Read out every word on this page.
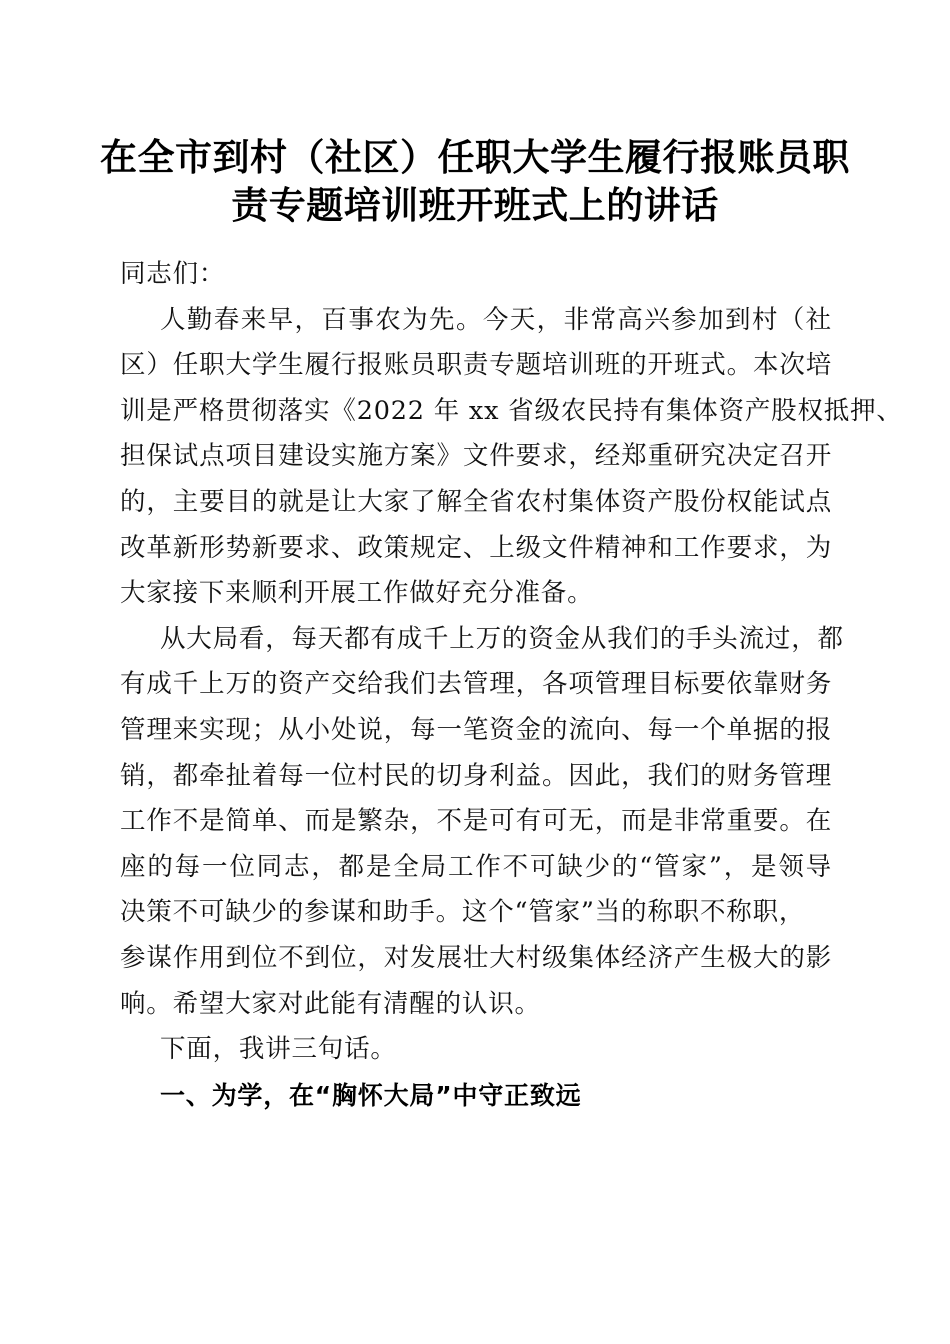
在全市到村（社区）任职大学生履行报账员职
责专题培训班开班式上的讲话
同志们：
人勤春来早，百事农为先。今天，非常高兴参加到村（社
区）任职大学生履行报账员职责专题培训班的开班式。本次培
训是严格贯彻落实《2022 年 xx 省级农民持有集体资产股权抵押、
担保试点项目建设实施方案》文件要求，经郑重研究决定召开
的，主要目的就是让大家了解全省农村集体资产股份权能试点
改革新形势新要求、政策规定、上级文件精神和工作要求，为
大家接下来顺利开展工作做好充分准备。
从大局看，每天都有成千上万的资金从我们的手头流过，都
有成千上万的资产交给我们去管理，各项管理目标要依靠财务
管理来实现；从小处说，每一笔资金的流向、每一个单据的报
销，都牵扯着每一位村民的切身利益。因此，我们的财务管理
工作不是简单、而是繁杂，不是可有可无，而是非常重要。在
座的每一位同志，都是全局工作不可缺少的“管家”，是领导
决策不可缺少的参谋和助手。这个“管家”当的称职不称职，
参谋作用到位不到位，对发展壮大村级集体经济产生极大的影
响。希望大家对此能有清醒的认识。
下面，我讲三句话。
一、为学，在“胸怀大局”中守正致远
